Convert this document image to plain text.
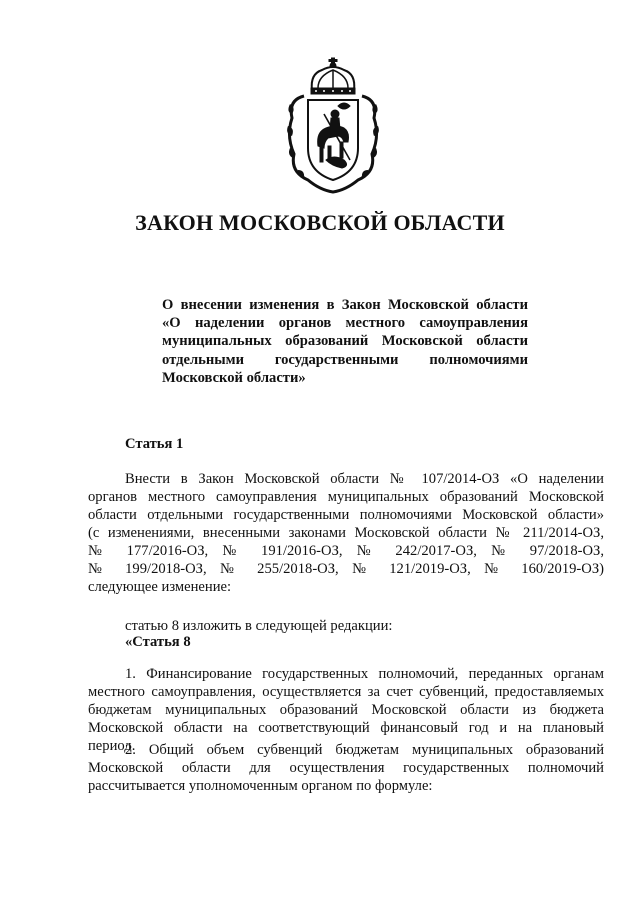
ЗАКОН МОСКОВСКОЙ ОБЛАСТИ
О внесении изменения в Закон Московской области
«О наделении органов местного самоуправления
муниципальных образований Московской области
отдельными государственными полномочиями
Московской области»
Статья 1
Внести в Закон Московской области № 107/2014-ОЗ «О наделении
органов местного самоуправления муниципальных образований Московской
области отдельными государственными полномочиями Московской области»
(с изменениями, внесенными законами Московской области № 211/2014-ОЗ,
№ 177/2016-ОЗ, № 191/2016-ОЗ, № 242/2017-ОЗ, № 97/2018-ОЗ,
№ 199/2018-ОЗ, № 255/2018-ОЗ, № 121/2019-ОЗ, № 160/2019-ОЗ)
следующее изменение:
статью 8 изложить в следующей редакции:
«Статья 8
1. Финансирование государственных полномочий, переданных органам
местного самоуправления, осуществляется за счет субвенций, предоставляемых
бюджетам муниципальных образований Московской области из бюджета
Московской области на соответствующий финансовый год и на плановый
период.
2. Общий объем субвенций бюджетам муниципальных образований
Московской области для осуществления государственных полномочий
рассчитывается уполномоченным органом по формуле:
